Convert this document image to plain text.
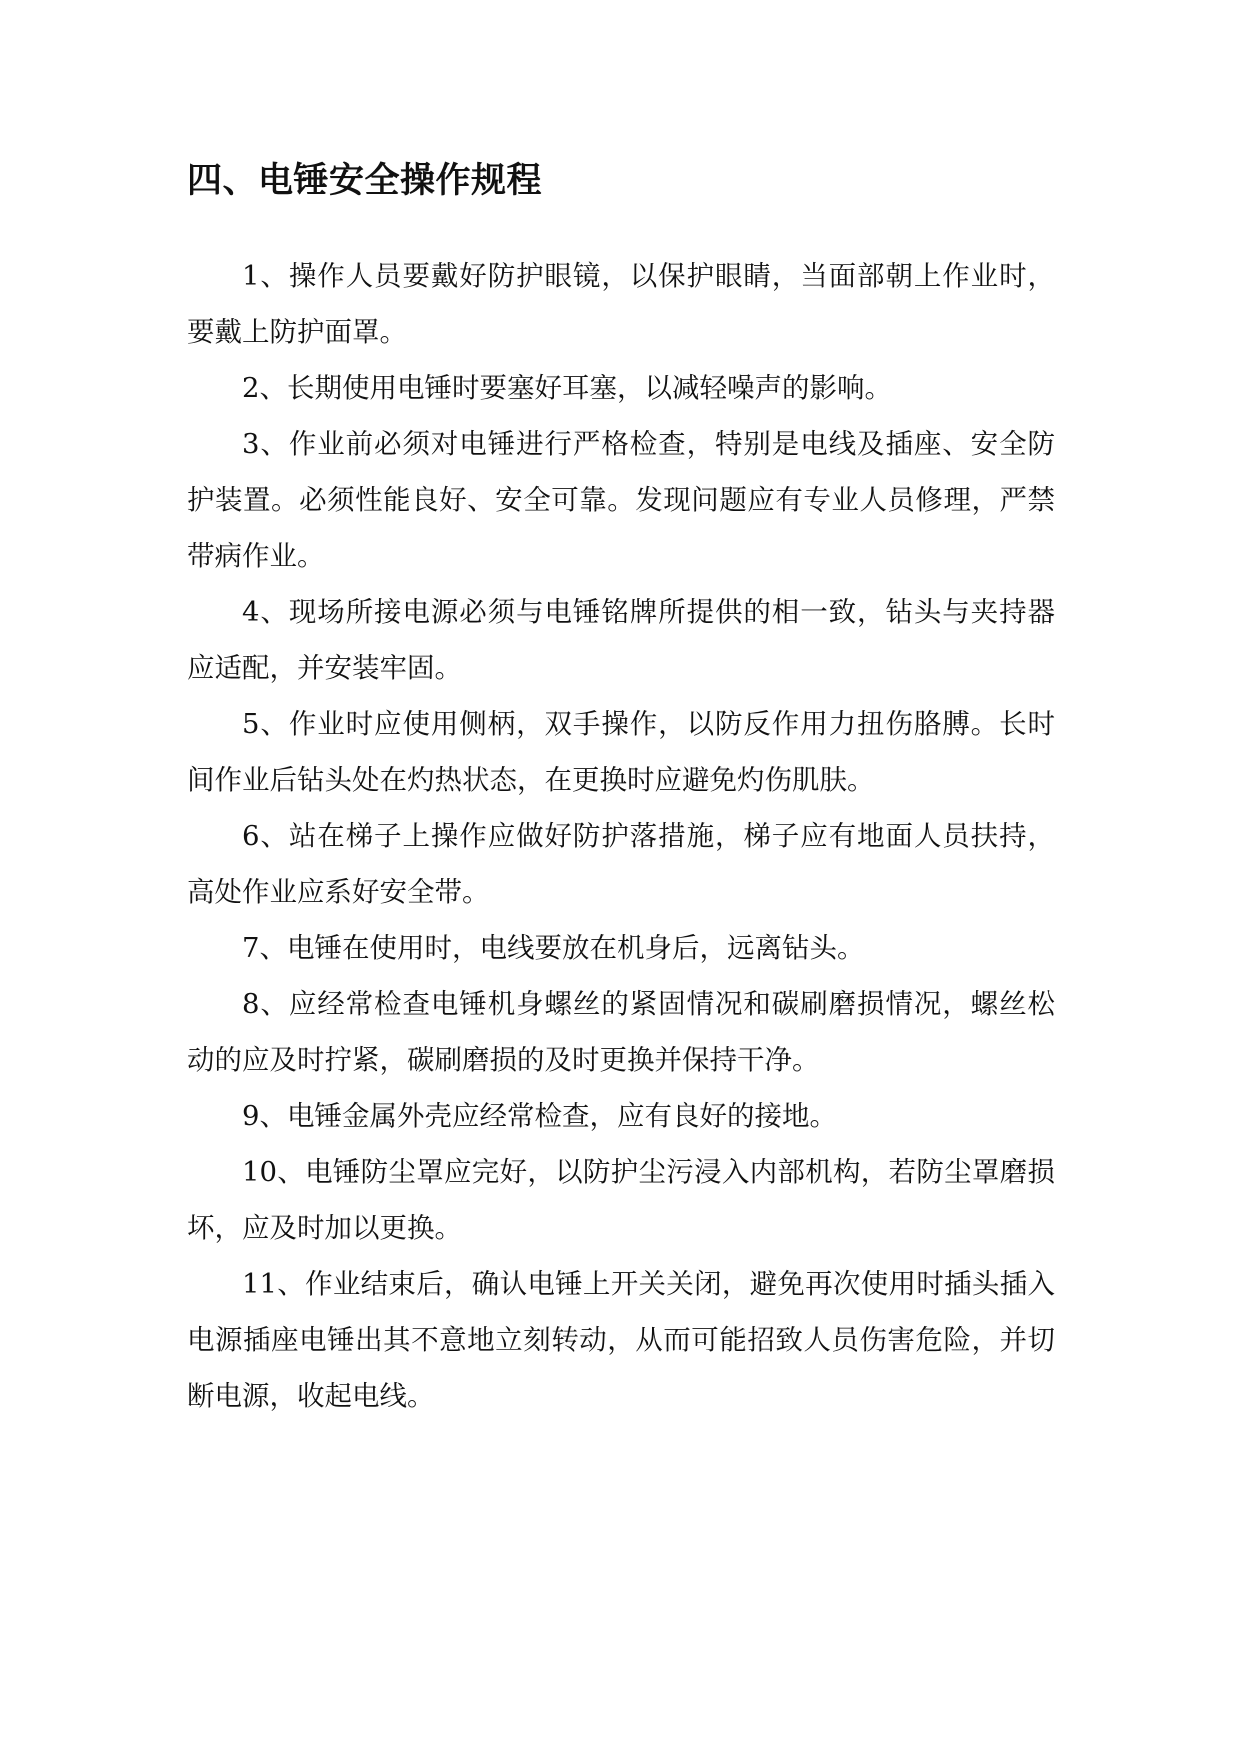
四、电锤安全操作规程

1、操作人员要戴好防护眼镜，以保护眼睛，当面部朝上作业时，要戴上防护面罩。

2、长期使用电锤时要塞好耳塞，以减轻噪声的影响。

3、作业前必须对电锤进行严格检查，特别是电线及插座、安全防护装置。必须性能良好、安全可靠。发现问题应有专业人员修理，严禁带病作业。

4、现场所接电源必须与电锤铭牌所提供的相一致，钻头与夹持器应适配，并安装牢固。

5、作业时应使用侧柄，双手操作，以防反作用力扭伤胳膊。长时间作业后钻头处在灼热状态，在更换时应避免灼伤肌肤。

6、站在梯子上操作应做好防护落措施，梯子应有地面人员扶持，高处作业应系好安全带。

7、电锤在使用时，电线要放在机身后，远离钻头。

8、应经常检查电锤机身螺丝的紧固情况和碳刷磨损情况，螺丝松动的应及时拧紧，碳刷磨损的及时更换并保持干净。

9、电锤金属外壳应经常检查，应有良好的接地。

10、电锤防尘罩应完好，以防护尘污浸入内部机构，若防尘罩磨损坏，应及时加以更换。

11、作业结束后，确认电锤上开关关闭，避免再次使用时插头插入电源插座电锤出其不意地立刻转动，从而可能招致人员伤害危险，并切断电源，收起电线。
